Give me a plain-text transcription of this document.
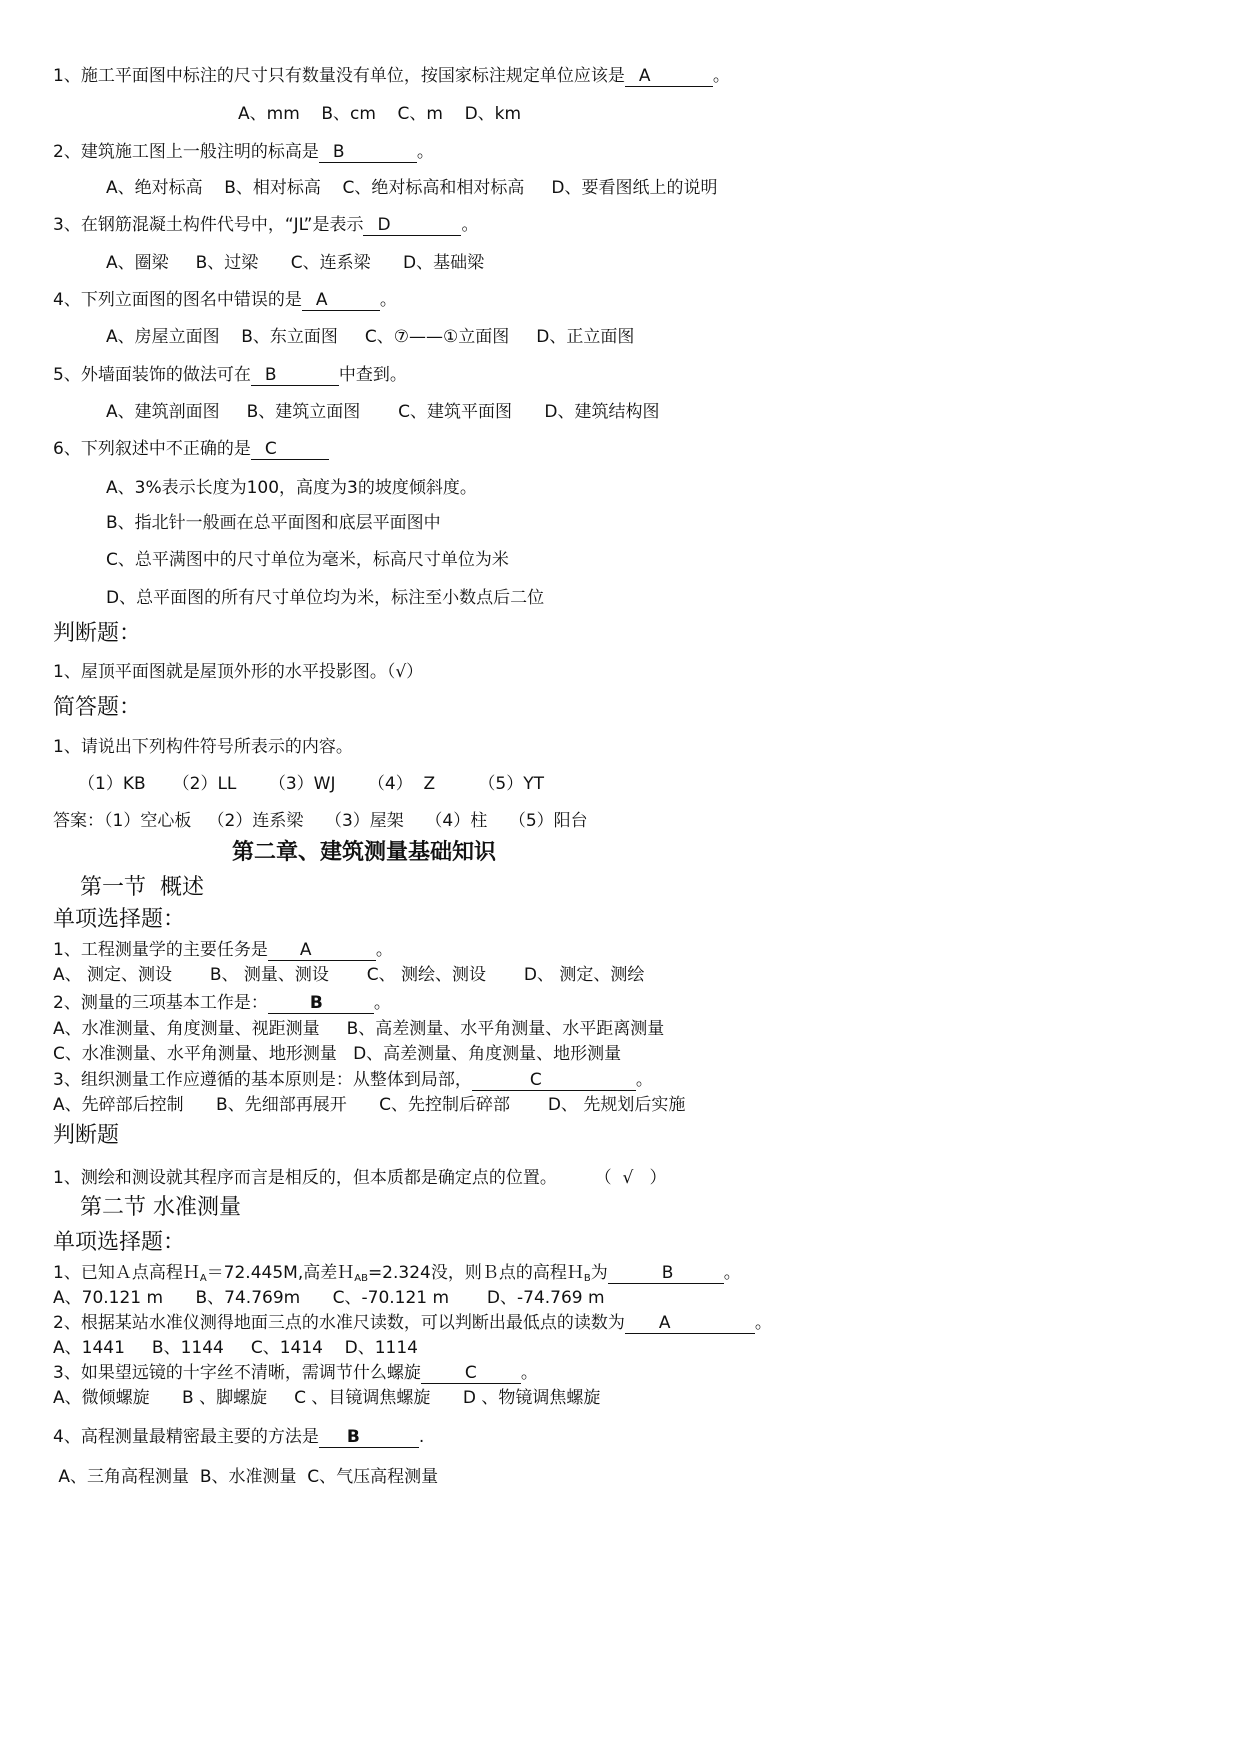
1、施工平面图中标注的尺寸只有数量没有单位，按国家标注规定单位应该是 A	。
A、mm    B、cm    C、m    D、km
2、建筑施工图上一般注明的标高是 B	。
A、绝对标高    B、相对标高    C、绝对标高和相对标高     D、要看图纸上的说明
3、在钢筋混凝土构件代号中，“JL”是表示 D	。
A、圈梁     B、过梁      C、连系梁      D、基础梁
4、下列立面图的图名中错误的是 A	。
A、房屋立面图    B、东立面图     C、⑦——①立面图     D、正立面图
5、外墙面装饰的做法可在 B	中查到。
A、建筑剖面图     B、建筑立面图       C、建筑平面图      D、建筑结构图
6、下列叙述中不正确的是 C
A、3%表示长度为100，高度为3的坡度倾斜度。
B、指北针一般画在总平面图和底层平面图中
C、总平满图中的尺寸单位为毫米，标高尺寸单位为米
D、总平面图的所有尺寸单位均为米，标注至小数点后二位
判断题：
1、屋顶平面图就是屋顶外形的水平投影图。（√）
简答题：
1、请说出下列构件符号所表示的内容。
（1）KB     （2）LL      （3）WJ      （4）  Z        （5）YT
答案：（1）空心板   （2）连系梁    （3）屋架    （4）柱    （5）阳台
第二章、建筑测量基础知识
第一节  概述
单项选择题：
1、工程测量学的主要任务是 A	。
A、 测定、测设       B、 测量、测设       C、 测绘、测设       D、 测定、测绘
2、测量的三项基本工作是： B	。
A、水准测量、角度测量、视距测量     B、高差测量、水平角测量、水平距离测量
C、水准测量、水平角测量、地形测量   D、高差测量、角度测量、地形测量
3、组织测量工作应遵循的基本原则是：从整体到局部，	C	。
A、先碎部后控制      B、先细部再展开      C、先控制后碎部       D、 先规划后实施
判断题
1、测绘和测设就其程序而言是相反的，但本质都是确定点的位置。       （  √   ）
第二节 水准测量
单项选择题：
1、已知Ａ点高程Ｈ$_A$＝72.445M,高差Ｈ$_{AB}$=2.324没，则Ｂ点的高程Ｈ$_B$为	B	。
A、70.121 m      B、74.769m      C、-70.121 m       D、-74.769 m
2、根据某站水准仪测得地面三点的水准尺读数，可以判断出最低点的读数为 A	。
A、1441     B、1144     C、1414    D、1114
3、如果望远镜的十字丝不清晰，需调节什么螺旋	C	。
A、微倾螺旋      B 、脚螺旋     C 、目镜调焦螺旋      D 、物镜调焦螺旋
4、高程测量最精密最主要的方法是 B	.
A、三角高程测量  B、水准测量  C、气压高程测量
